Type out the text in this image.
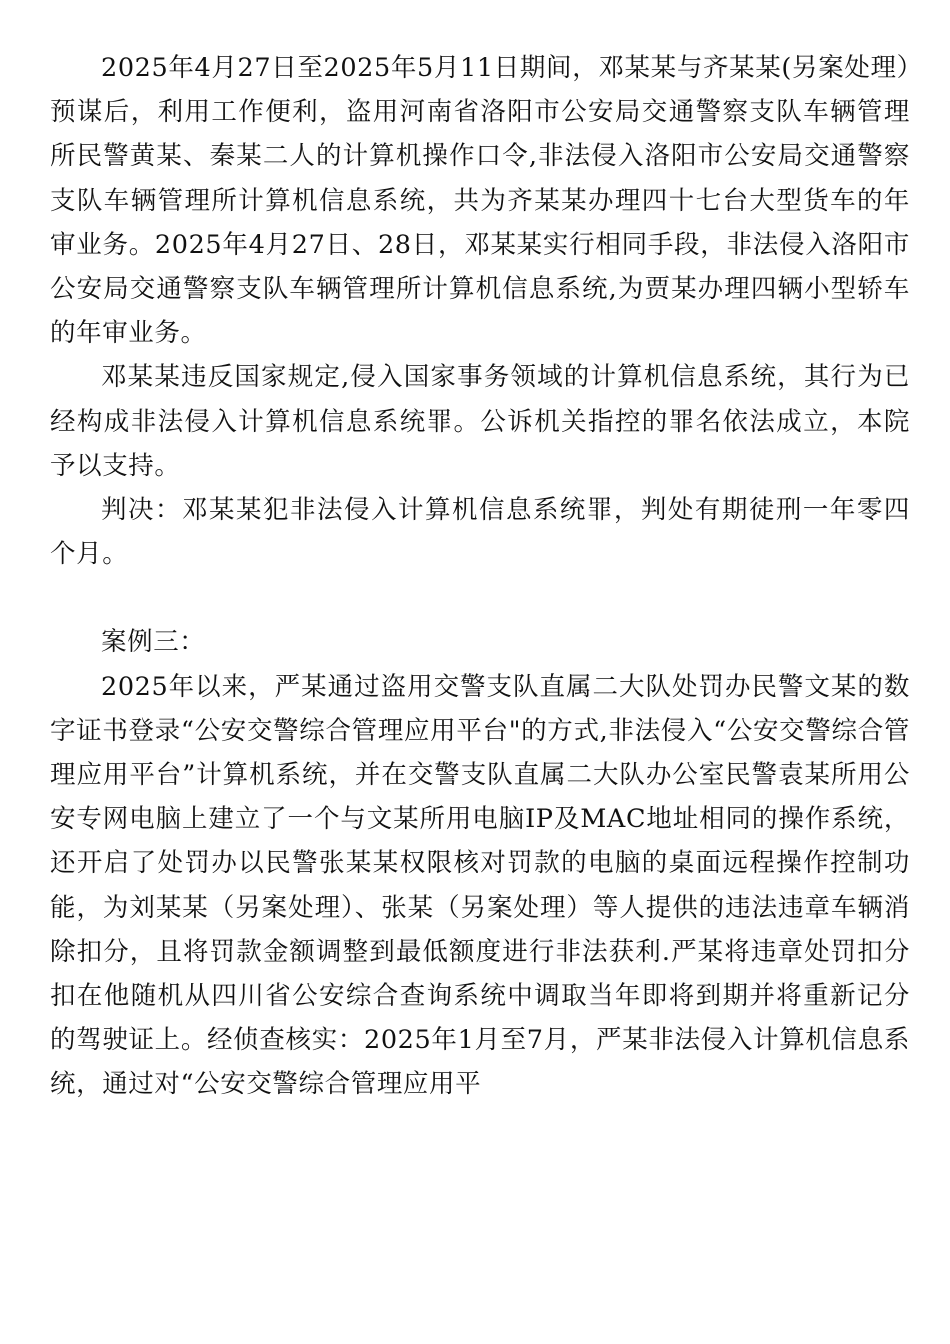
2025年4月27日至2025年5月11日期间，邓某某与齐某某(另案处理）预谋后，利用工作便利，盗用河南省洛阳市公安局交通警察支队车辆管理所民警黄某、秦某二人的计算机操作口令,非法侵入洛阳市公安局交通警察支队车辆管理所计算机信息系统，共为齐某某办理四十七台大型货车的年审业务。2025年4月27日、28日，邓某某实行相同手段，非法侵入洛阳市公安局交通警察支队车辆管理所计算机信息系统,为贾某办理四辆小型轿车的年审业务。

邓某某违反国家规定,侵入国家事务领域的计算机信息系统，其行为已经构成非法侵入计算机信息系统罪。公诉机关指控的罪名依法成立，本院予以支持。

判决：邓某某犯非法侵入计算机信息系统罪，判处有期徒刑一年零四个月。

案例三：

2025年以来，严某通过盗用交警支队直属二大队处罚办民警文某的数字证书登录“公安交警综合管理应用平台"的方式,非法侵入“公安交警综合管理应用平台”计算机系统，并在交警支队直属二大队办公室民警袁某所用公安专网电脑上建立了一个与文某所用电脑IP及MAC地址相同的操作系统，还开启了处罚办以民警张某某权限核对罚款的电脑的桌面远程操作控制功能，为刘某某（另案处理）、张某（另案处理）等人提供的违法违章车辆消除扣分，且将罚款金额调整到最低额度进行非法获利.严某将违章处罚扣分扣在他随机从四川省公安综合查询系统中调取当年即将到期并将重新记分的驾驶证上。经侦查核实：2025年1月至7月，严某非法侵入计算机信息系统，通过对“公安交警综合管理应用平
